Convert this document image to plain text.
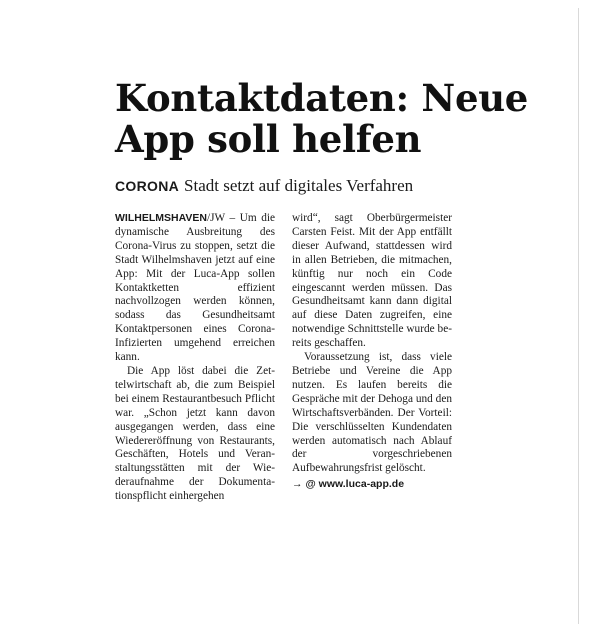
Kontaktdaten: Neue
App soll helfen
CORONA Stadt setzt auf digitales Verfahren

WILHELMSHAVEN/JW – Um die dynamische Ausbreitung des Corona-Virus zu stoppen, setzt die Stadt Wilhelmshaven jetzt auf eine App: Mit der Luca-App sollen Kontaktketten effizient nachvollzogen werden können, sodass das Gesundheitsamt Kontaktpersonen eines Corona-Infizierten umgehend erreichen kann.

Die App löst dabei die Zettelwirtschaft ab, die zum Beispiel bei einem Restaurantbesuch Pflicht war. „Schon jetzt kann davon ausgegangen werden, dass eine Wiedereröffnung von Restaurants, Geschäften, Hotels und Veranstaltungsstätten mit der Wiederaufnahme der Dokumentationspflicht einhergehen

wird“, sagt Oberbürgermeister Carsten Feist. Mit der App entfällt dieser Aufwand, stattdessen wird in allen Betrieben, die mitmachen, künftig nur noch ein Code eingescannt werden müssen. Das Gesundheitsamt kann dann digital auf diese Daten zugreifen, eine notwendige Schnittstelle wurde bereits geschaffen.

Voraussetzung ist, dass viele Betriebe und Vereine die App nutzen. Es laufen bereits die Gespräche mit der Dehoga und den Wirtschaftsverbänden. Der Vorteil: Die verschlüsselten Kundendaten werden automatisch nach Ablauf der vorgeschriebenen Aufbewahrungsfrist gelöscht.

→ @ www.luca-app.de
